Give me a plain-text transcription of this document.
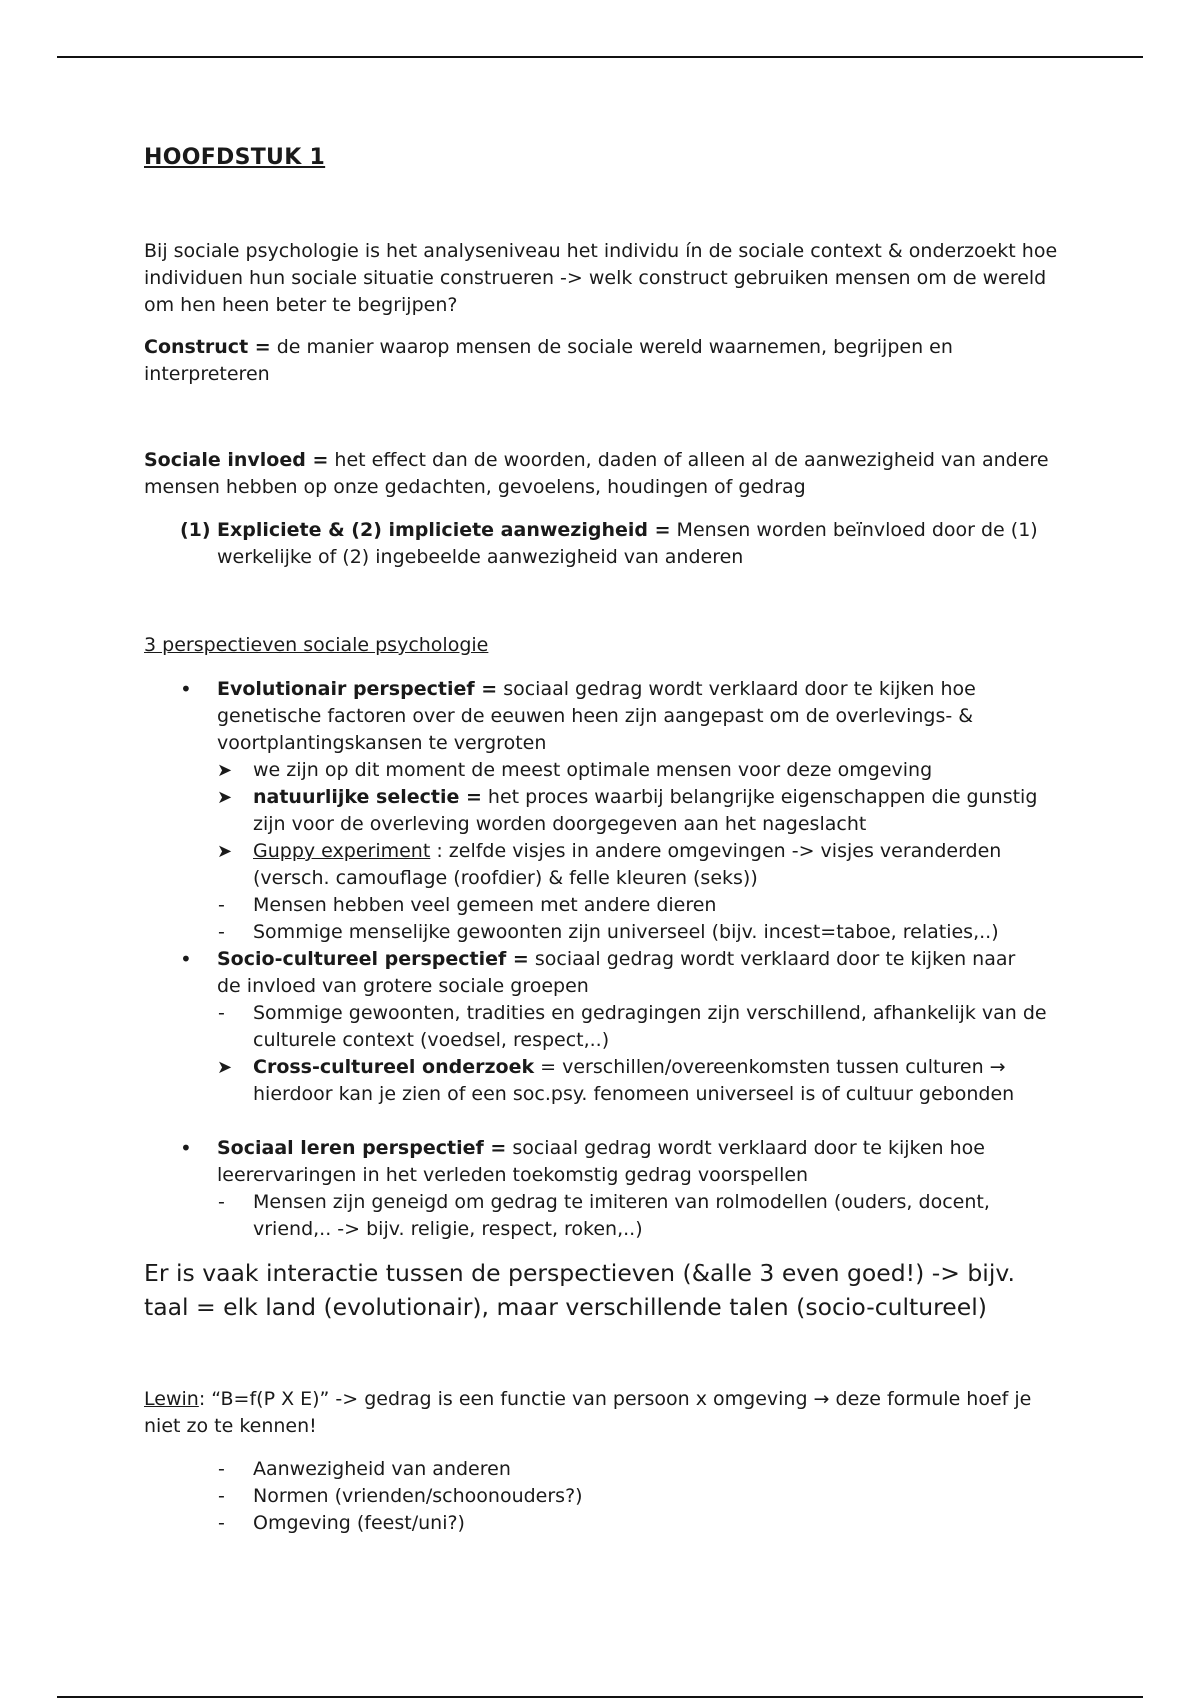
HOOFDSTUK 1

Bij sociale psychologie is het analyseniveau het individu ín de sociale context & onderzoekt hoe individuen hun sociale situatie construeren -> welk construct gebruiken mensen om de wereld om hen heen beter te begrijpen?

Construct = de manier waarop mensen de sociale wereld waarnemen, begrijpen en interpreteren

Sociale invloed = het effect dan de woorden, daden of alleen al de aanwezigheid van andere mensen hebben op onze gedachten, gevoelens, houdingen of gedrag

(1) Expliciete & (2) impliciete aanwezigheid = Mensen worden beïnvloed door de (1) werkelijke of (2) ingebeelde aanwezigheid van anderen

3 perspectieven sociale psychologie
• Evolutionair perspectief = sociaal gedrag wordt verklaard door te kijken hoe genetische factoren over de eeuwen heen zijn aangepast om de overlevings- & voortplantingskansen te vergroten

➤ we zijn op dit moment de meest optimale mensen voor deze omgeving

➤ natuurlijke selectie = het proces waarbij belangrijke eigenschappen die gunstig zijn voor de overleving worden doorgegeven aan het nageslacht

➤ Guppy experiment : zelfde visjes in andere omgevingen -> visjes veranderden (versch. camouflage (roofdier) & felle kleuren (seks))

- Mensen hebben veel gemeen met andere dieren

- Sommige menselijke gewoonten zijn universeel (bijv. incest=taboe, relaties,..)

• Socio-cultureel perspectief = sociaal gedrag wordt verklaard door te kijken naar de invloed van grotere sociale groepen

- Sommige gewoonten, tradities en gedragingen zijn verschillend, afhankelijk van de culturele context (voedsel, respect,..)

➤ Cross-cultureel onderzoek = verschillen/overeenkomsten tussen culturen → hierdoor kan je zien of een soc.psy. fenomeen universeel is of cultuur gebonden

• Sociaal leren perspectief = sociaal gedrag wordt verklaard door te kijken hoe leerervaringen in het verleden toekomstig gedrag voorspellen

- Mensen zijn geneigd om gedrag te imiteren van rolmodellen (ouders, docent, vriend,.. -> bijv. religie, respect, roken,..)

Er is vaak interactie tussen de perspectieven (&alle 3 even goed!) -> bijv. taal = elk land (evolutionair), maar verschillende talen (socio-cultureel)

Lewin: “B=f(P X E)” -> gedrag is een functie van persoon x omgeving → deze formule hoef je niet zo te kennen!

- Aanwezigheid van anderen
- Normen (vrienden/schoonouders?)
- Omgeving (feest/uni?)
